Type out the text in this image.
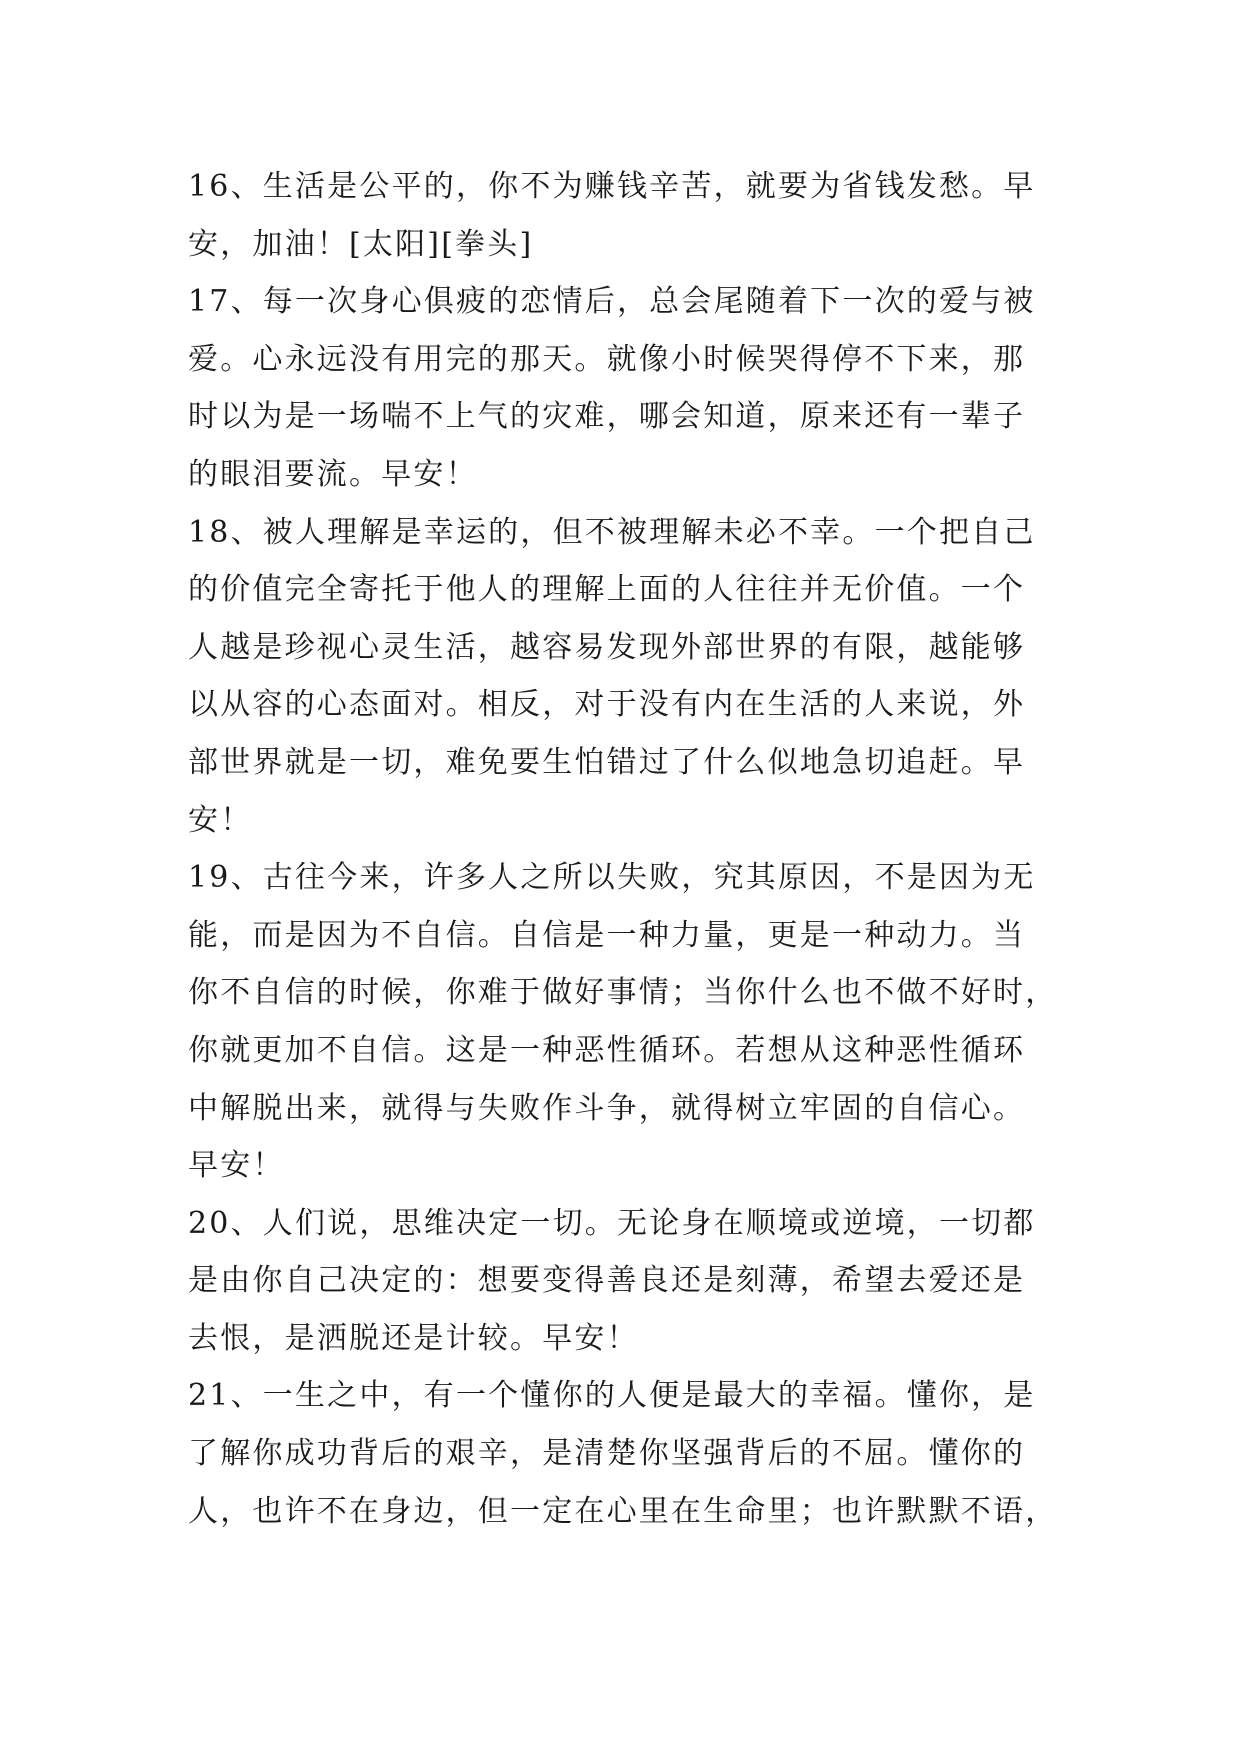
16、生活是公平的，你不为赚钱辛苦，就要为省钱发愁。早
安，加油！[太阳][拳头]
17、每一次身心俱疲的恋情后，总会尾随着下一次的爱与被
爱。心永远没有用完的那天。就像小时候哭得停不下来，那
时以为是一场喘不上气的灾难，哪会知道，原来还有一辈子
的眼泪要流。早安！
18、被人理解是幸运的，但不被理解未必不幸。一个把自己
的价值完全寄托于他人的理解上面的人往往并无价值。一个
人越是珍视心灵生活，越容易发现外部世界的有限，越能够
以从容的心态面对。相反，对于没有内在生活的人来说，外
部世界就是一切，难免要生怕错过了什么似地急切追赶。早
安！
19、古往今来，许多人之所以失败，究其原因，不是因为无
能，而是因为不自信。自信是一种力量，更是一种动力。当
你不自信的时候，你难于做好事情；当你什么也不做不好时，
你就更加不自信。这是一种恶性循环。若想从这种恶性循环
中解脱出来，就得与失败作斗争，就得树立牢固的自信心。
早安！
20、人们说，思维决定一切。无论身在顺境或逆境，一切都
是由你自己决定的：想要变得善良还是刻薄，希望去爱还是
去恨，是洒脱还是计较。早安！
21、一生之中，有一个懂你的人便是最大的幸福。懂你，是
了解你成功背后的艰辛，是清楚你坚强背后的不屈。懂你的
人，也许不在身边，但一定在心里在生命里；也许默默不语，
